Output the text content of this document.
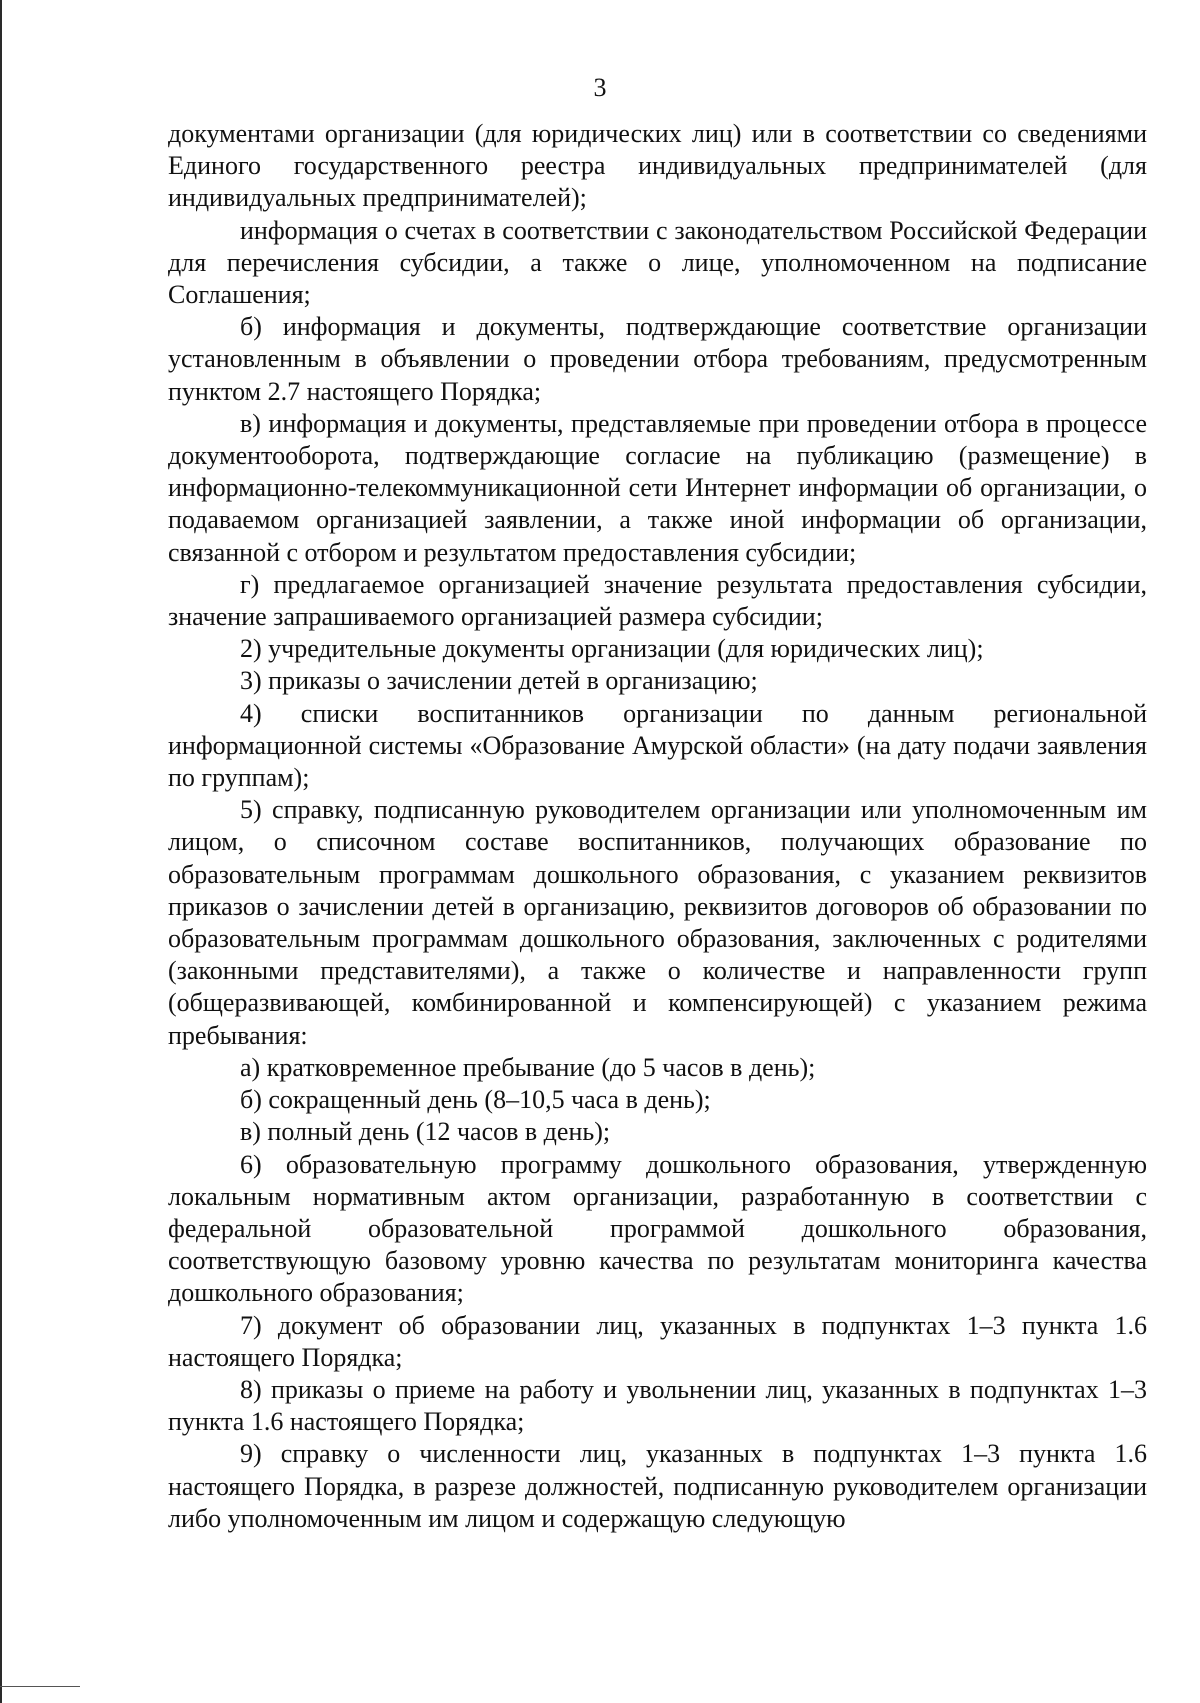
3

документами организации (для юридических лиц) или в соответствии со сведениями Единого государственного реестра индивидуальных предпринимателей (для индивидуальных предпринимателей);

информация о счетах в соответствии с законодательством Российской Федерации для перечисления субсидии, а также о лице, уполномоченном на подписание Соглашения;

б) информация и документы, подтверждающие соответствие организации установленным в объявлении о проведении отбора требованиям, предусмотренным пунктом 2.7 настоящего Порядка;

в) информация и документы, представляемые при проведении отбора в процессе документооборота, подтверждающие согласие на публикацию (размещение) в информационно-телекоммуникационной сети Интернет информации об организации, о подаваемом организацией заявлении, а также иной информации об организации, связанной с отбором и результатом предоставления субсидии;

г) предлагаемое организацией значение результата предоставления субсидии, значение запрашиваемого организацией размера субсидии;

2) учредительные документы организации (для юридических лиц);

3) приказы о зачислении детей в организацию;

4) списки воспитанников организации по данным региональной информационной системы «Образование Амурской области» (на дату подачи заявления по группам);

5) справку, подписанную руководителем организации или уполномоченным им лицом, о списочном составе воспитанников, получающих образование по образовательным программам дошкольного образования, с указанием реквизитов приказов о зачислении детей в организацию, реквизитов договоров об образовании по образовательным программам дошкольного образования, заключенных с родителями (законными представителями), а также о количестве и направленности групп (общеразвивающей, комбинированной и компенсирующей) с указанием режима пребывания:

а) кратковременное пребывание (до 5 часов в день);

б) сокращенный день (8–10,5 часа в день);

в) полный день (12 часов в день);

6) образовательную программу дошкольного образования, утвержденную локальным нормативным актом организации, разработанную в соответствии с федеральной образовательной программой дошкольного образования, соответствующую базовому уровню качества по результатам мониторинга качества дошкольного образования;

7) документ об образовании лиц, указанных в подпунктах 1–3 пункта 1.6 настоящего Порядка;

8) приказы о приеме на работу и увольнении лиц, указанных в подпунктах 1–3 пункта 1.6 настоящего Порядка;

9) справку о численности лиц, указанных в подпунктах 1–3 пункта 1.6 настоящего Порядка, в разрезе должностей, подписанную руководителем организации либо уполномоченным им лицом и содержащую следующую
